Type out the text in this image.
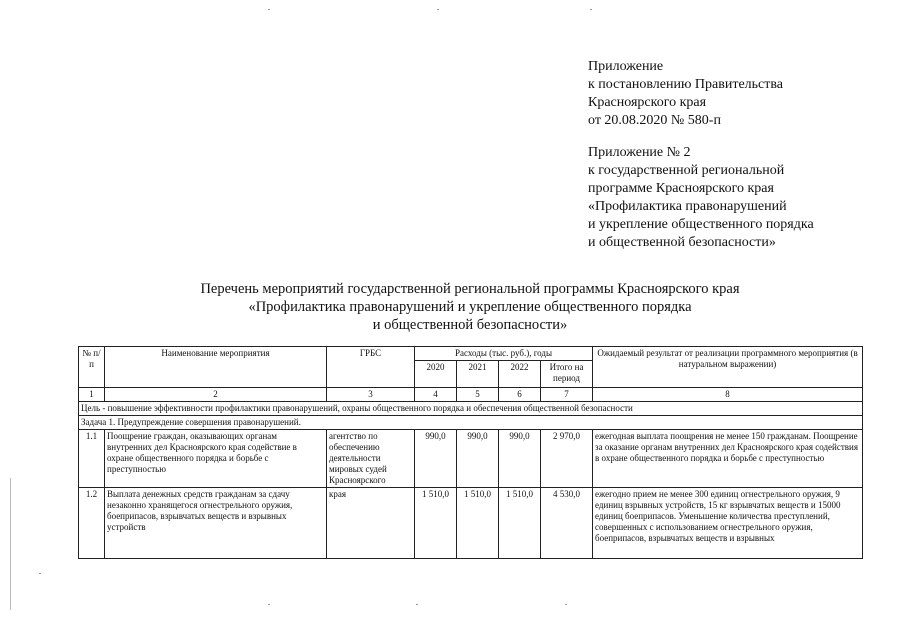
Приложение
к постановлению Правительства
Красноярского края
от 20.08.2020 № 580-п
Приложение № 2
к государственной региональной
программе Красноярского края
«Профилактика правонарушений
и укрепление общественного порядка
и общественной безопасности»
Перечень мероприятий государственной региональной программы Красноярского края
«Профилактика правонарушений и укрепление общественного порядка
и общественной безопасности»
№ п/п	Наименование мероприятия	ГРБС	Расходы (тыс. руб.), годы				Ожидаемый результат от реализации программного мероприятия (в натуральном выражении)
			2020	2021	2022	Итого на период	
1	2	3	4	5	6	7	8
Цель - повышение эффективности профилактики правонарушений, охраны общественного порядка и обеспечения общественной безопасности							
Задача 1. Предупреждение совершения правонарушений.							
1.1	Поощрение граждан, оказывающих органам внутренних дел Красноярского края содействие в охране общественного порядка и борьбе с преступностью	агентство по обеспечению деятельности мировых судей Красноярского	990,0	990,0	990,0	2 970,0	ежегодная выплата поощрения не менее 150 гражданам. Поощрение за оказание органам внутренних дел Красноярского края содействия в охране общественного порядка и борьбе с преступностью
1.2	Выплата денежных средств гражданам за сдачу незаконно хранящегося огнестрельного оружия, боеприпасов, взрывчатых веществ и взрывных устройств	края	1 510,0	1 510,0	1 510,0	4 530,0	ежегодно прием не менее 300 единиц огнестрельного оружия, 9 единиц взрывных устройств, 15 кг взрывчатых веществ и 15000 единиц боеприпасов. Уменьшение количества преступлений, совершенных с использованием огнестрельного оружия, боеприпасов, взрывчатых веществ и взрывных
